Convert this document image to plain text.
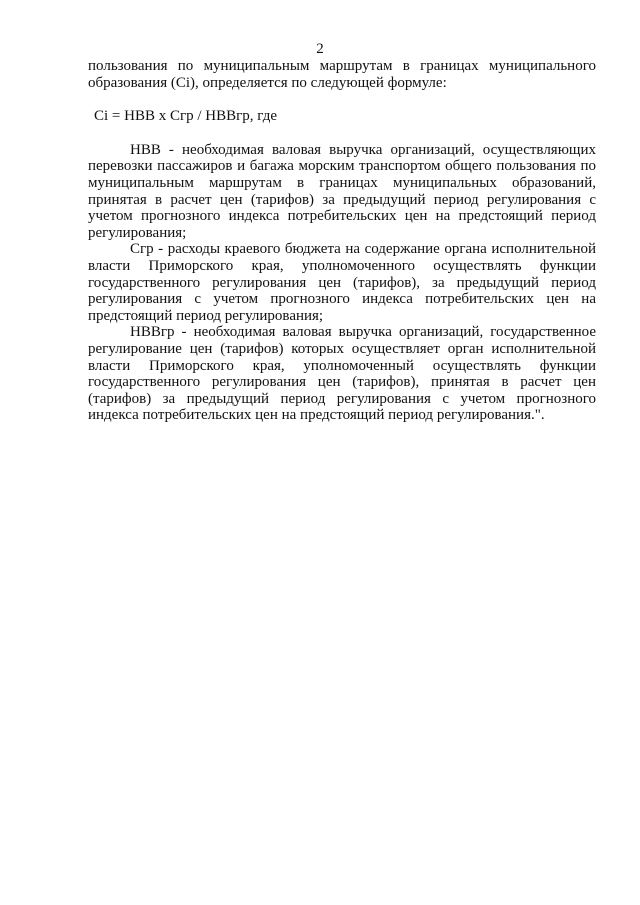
2

пользования по муниципальным маршрутам в границах муниципального образования (Ci), определяется по следующей формуле:

Ci = НВВ x Сгр / НВВгр, где

НВВ - необходимая валовая выручка организаций, осуществляющих перевозки пассажиров и багажа морским транспортом общего пользования по муниципальным маршрутам в границах муниципальных образований, принятая в расчет цен (тарифов) за предыдущий период регулирования с учетом прогнозного индекса потребительских цен на предстоящий период регулирования;

Сгр - расходы краевого бюджета на содержание органа исполнительной власти Приморского края, уполномоченного осуществлять функции государственного регулирования цен (тарифов), за предыдущий период регулирования с учетом прогнозного индекса потребительских цен на предстоящий период регулирования;

НВВгр - необходимая валовая выручка организаций, государственное регулирование цен (тарифов) которых осуществляет орган исполнительной власти Приморского края, уполномоченный осуществлять функции государственного регулирования цен (тарифов), принятая в расчет цен (тарифов) за предыдущий период регулирования с учетом прогнозного индекса потребительских цен на предстоящий период регулирования.".
